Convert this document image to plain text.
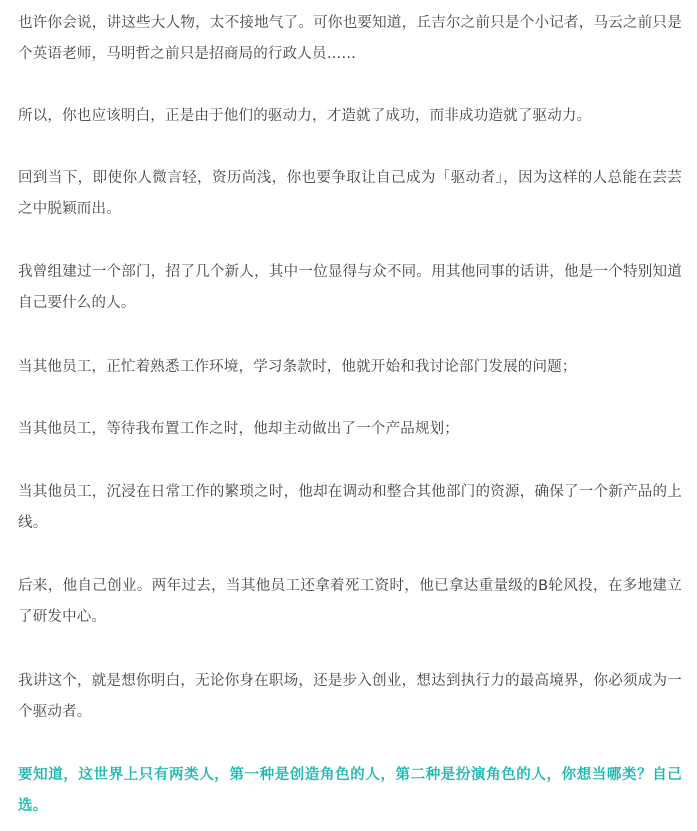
也许你会说，讲这些大人物，太不接地气了。可你也要知道，丘吉尔之前只是个小记者，马云之前只是个英语老师，马明哲之前只是招商局的行政人员……

所以，你也应该明白，正是由于他们的驱动力，才造就了成功，而非成功造就了驱动力。

回到当下，即使你人微言轻，资历尚浅，你也要争取让自己成为「驱动者」，因为这样的人总能在芸芸之中脱颖而出。

我曾组建过一个部门，招了几个新人，其中一位显得与众不同。用其他同事的话讲，他是一个特别知道自己要什么的人。

当其他员工，正忙着熟悉工作环境，学习条款时，他就开始和我讨论部门发展的问题；

当其他员工，等待我布置工作之时，他却主动做出了一个产品规划；

当其他员工，沉浸在日常工作的繁琐之时，他却在调动和整合其他部门的资源，确保了一个新产品的上线。

后来，他自己创业。两年过去，当其他员工还拿着死工资时，他已拿达重量级的B轮风投，在多地建立了研发中心。

我讲这个，就是想你明白，无论你身在职场，还是步入创业，想达到执行力的最高境界，你必须成为一个驱动者。

要知道，这世界上只有两类人，第一种是创造角色的人，第二种是扮演角色的人，你想当哪类？自己选。
